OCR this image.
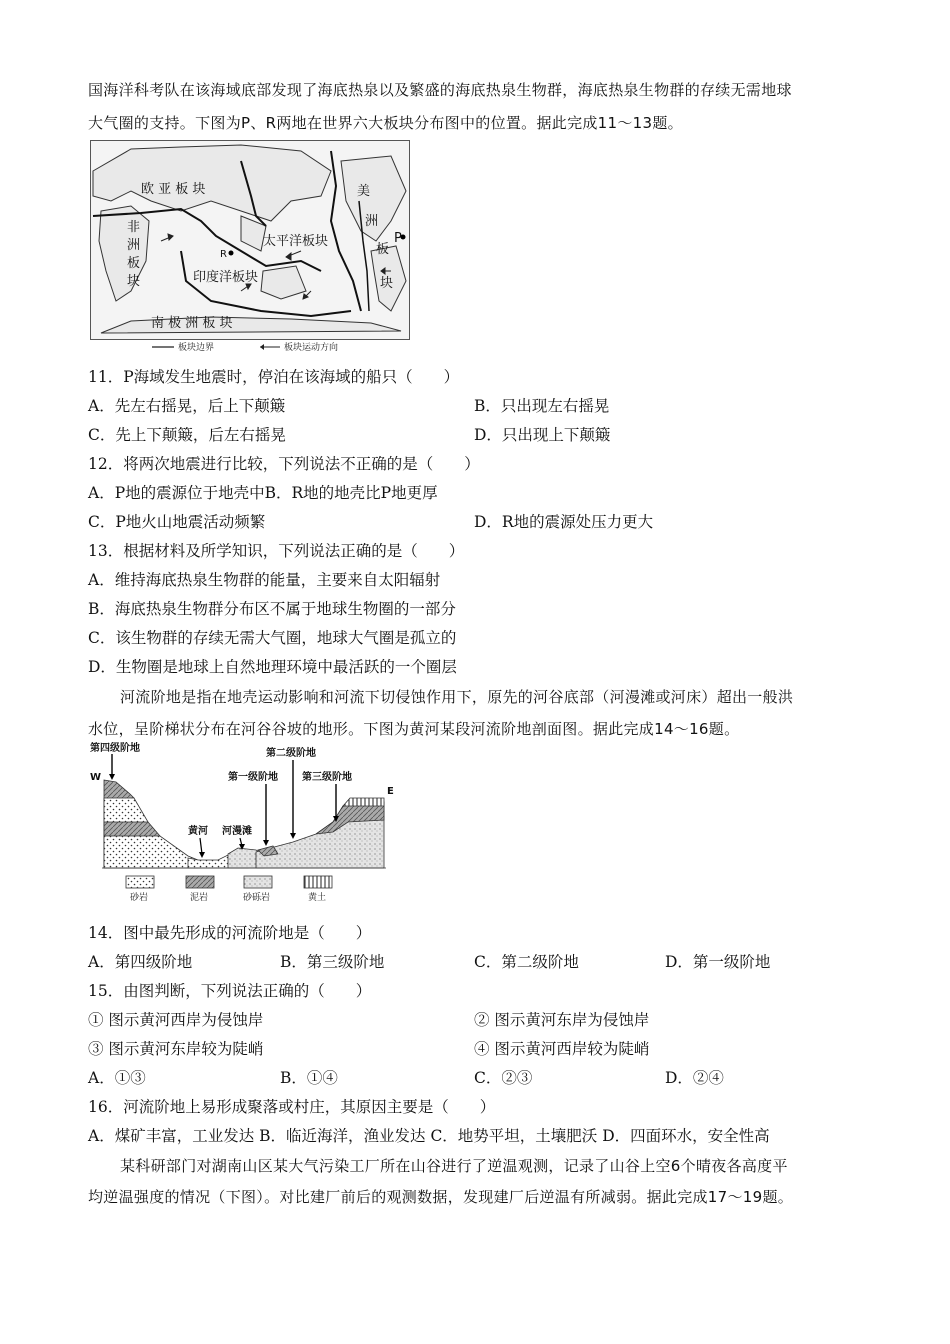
国海洋科考队在该海域底部发现了海底热泉以及繁盛的海底热泉生物群，海底热泉生物群的存续无需地球
大气圈的支持。下图为P、R两地在世界六大板块分布图中的位置。据此完成11～13题。
P
R
欧 亚 板 块
非
洲
板
块
太平洋板块
印度洋板块
美
洲
板
块
南 极 洲 板 块
板块边界	板块运动方向
11．P海域发生地震时，停泊在该海域的船只（　　）
A．先左右摇晃，后上下颠簸	B．只出现左右摇晃
C．先上下颠簸，后左右摇晃	D．只出现上下颠簸
12．将两次地震进行比较，下列说法不正确的是（　　）
A．P地的震源位于地壳中B．R地的地壳比P地更厚
C．P地火山地震活动频繁	D．R地的震源处压力更大
13．根据材料及所学知识，下列说法正确的是（　　）
A．维持海底热泉生物群的能量，主要来自太阳辐射
B．海底热泉生物群分布区不属于地球生物圈的一部分
C．该生物群的存续无需大气圈，地球大气圈是孤立的
D．生物圈是地球上自然地理环境中最活跃的一个圈层
河流阶地是指在地壳运动影响和河流下切侵蚀作用下，原先的河谷底部（河漫滩或河床）超出一般洪
水位，呈阶梯状分布在河谷谷坡的地形。下图为黄河某段河流阶地剖面图。据此完成14～16题。
第四级阶地
W
第二级阶地
第一级阶地 第三级阶地
E
黄河 河漫滩
砂岩	泥岩	砂砾岩	黄土
14．图中最先形成的河流阶地是（　　）
A．第四级阶地	B．第三级阶地	C．第二级阶地	D．第一级阶地
15．由图判断，下列说法正确的（　　）
① 图示黄河西岸为侵蚀岸	② 图示黄河东岸为侵蚀岸
③ 图示黄河东岸较为陡峭	④ 图示黄河西岸较为陡峭
A．①③	B．①④	C．②③	D．②④
16．河流阶地上易形成聚落或村庄，其原因主要是（　　）
A．煤矿丰富，工业发达 B．临近海洋，渔业发达 C．地势平坦，土壤肥沃 D．四面环水，安全性高
某科研部门对湖南山区某大气污染工厂所在山谷进行了逆温观测，记录了山谷上空6个晴夜各高度平
均逆温强度的情况（下图）。对比建厂前后的观测数据，发现建厂后逆温有所减弱。据此完成17～19题。
